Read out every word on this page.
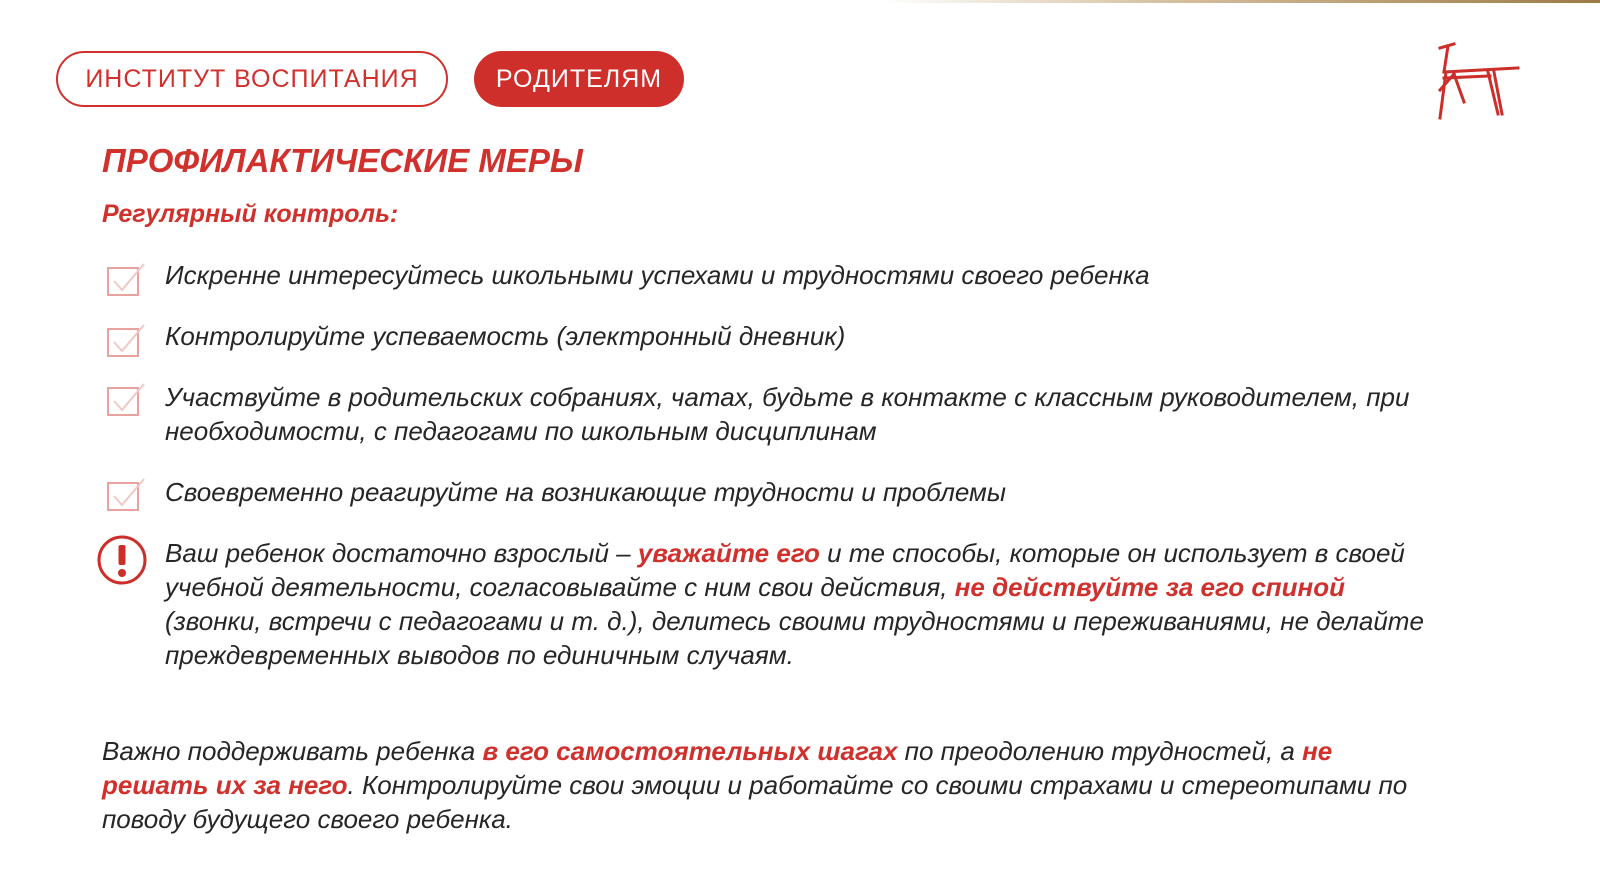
ИНСТИТУТ ВОСПИТАНИЯ	РОДИТЕЛЯМ
ПРОФИЛАКТИЧЕСКИЕ МЕРЫ
Регулярный контроль:
Искренне интересуйтесь школьными успехами и трудностями своего ребенка
Контролируйте успеваемость (электронный дневник)
Участвуйте в родительских собраниях, чатах, будьте в контакте с классным руководителем, при необходимости, с педагогами по школьным дисциплинам
Своевременно реагируйте на возникающие трудности и проблемы
Ваш ребенок достаточно взрослый – уважайте его и те способы, которые он использует в своей учебной деятельности, согласовывайте с ним свои действия, не действуйте за его спиной (звонки, встречи с педагогами и т. д.), делитесь своими трудностями и переживаниями, не делайте преждевременных выводов по единичным случаям.
Важно поддерживать ребенка в его самостоятельных шагах по преодолению трудностей, а не решать их за него. Контролируйте свои эмоции и работайте со своими страхами и стереотипами по поводу будущего своего ребенка.
